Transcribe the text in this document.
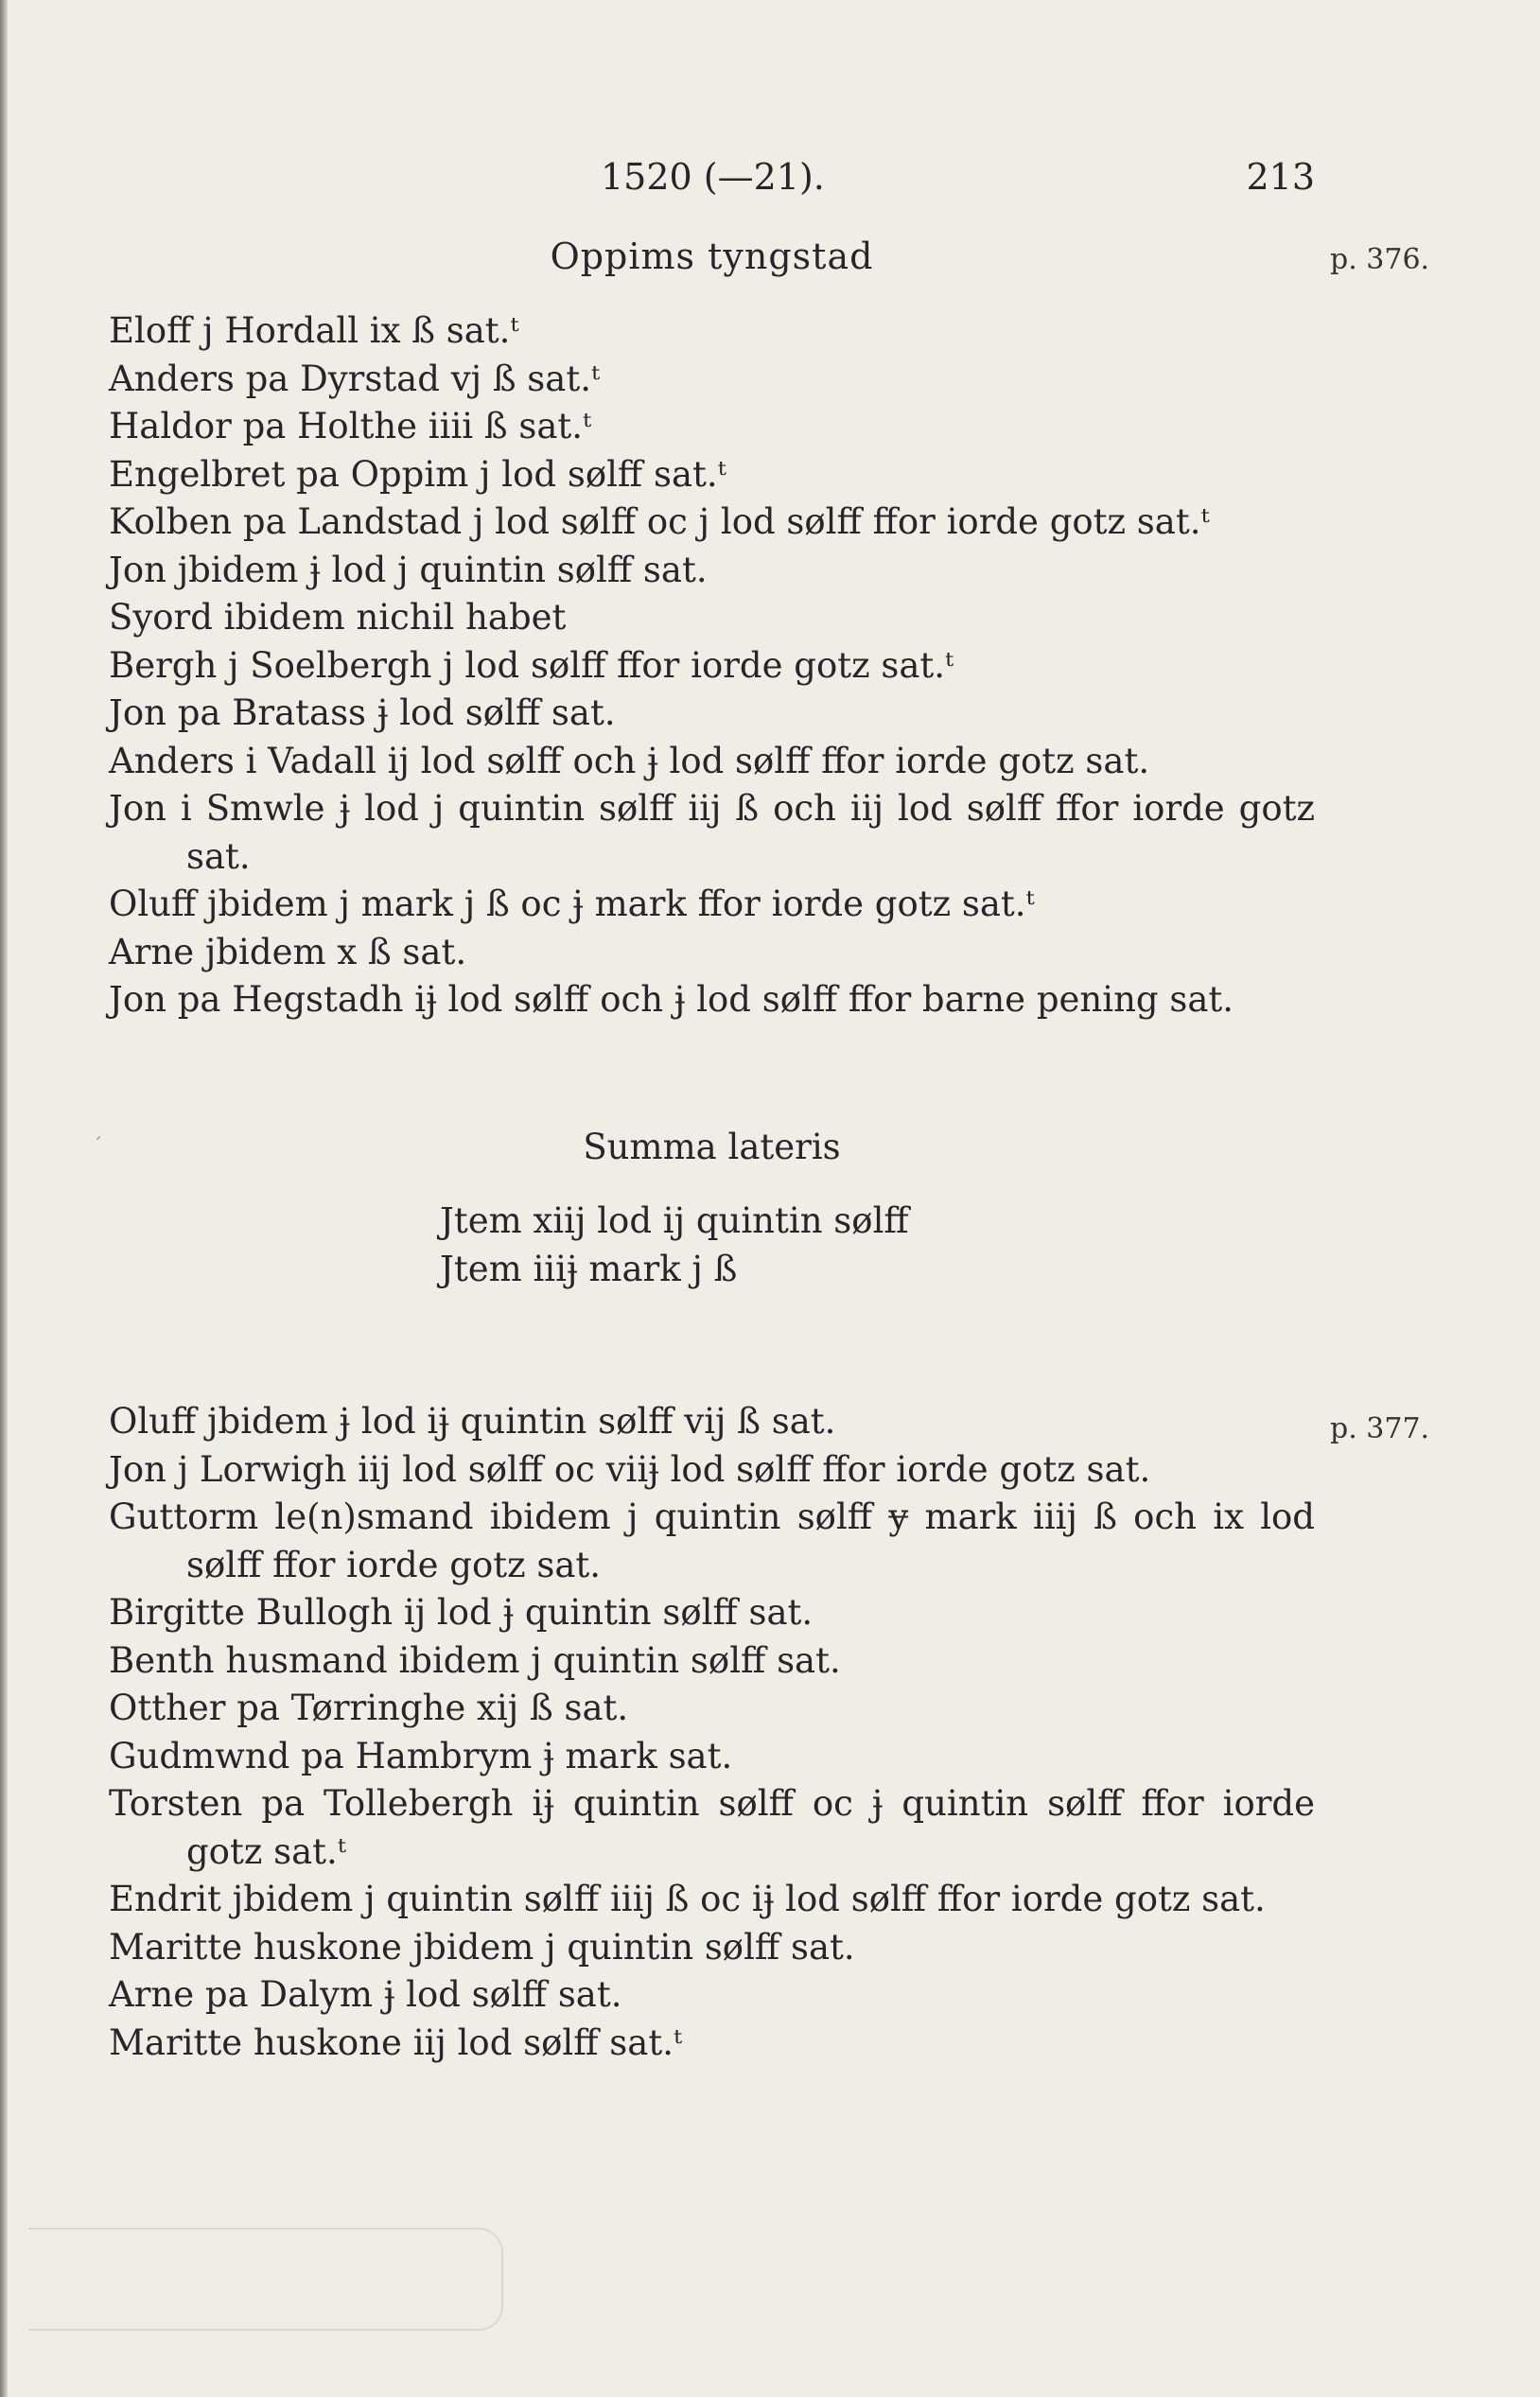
1520 (—21).	213
Oppims tyngstad	p. 376.
Eloff j Hordall ix ß sat.ᵗ
Anders pa Dyrstad vj ß sat.ᵗ
Haldor pa Holthe iiii ß sat.ᵗ
Engelbret pa Oppim j lod sølff sat.ᵗ
Kolben pa Landstad j lod sølff oc j lod sølff ffor iorde gotz sat.ᵗ
Jon jbidem ɉ lod j quintin sølff sat.
Syord ibidem nichil habet
Bergh j Soelbergh j lod sølff ffor iorde gotz sat.ᵗ
Jon pa Bratass ɉ lod sølff sat.
Anders i Vadall ij lod sølff och ɉ lod sølff ffor iorde gotz sat.
Jon i Smwle ɉ lod j quintin sølff iij ß och iij lod sølff ffor iorde gotz sat.
Oluff jbidem j mark j ß oc ɉ mark ffor iorde gotz sat.ᵗ
Arne jbidem x ß sat.
Jon pa Hegstadh iɉ lod sølff och ɉ lod sølff ffor barne pening sat.
ˊ	Summa lateris
Jtem xiij lod ij quintin sølff
Jtem iiiɉ mark j ß
p. 377.
Oluff jbidem ɉ lod iɉ quintin sølff vij ß sat.
Jon j Lorwigh iij lod sølff oc viiɉ lod sølff ffor iorde gotz sat.
Guttorm le(n)smand ibidem j quintin sølff ɏ mark iiij ß och ix lod sølff ffor iorde gotz sat.
Birgitte Bullogh ij lod ɉ quintin sølff sat.
Benth husmand ibidem j quintin sølff sat.
Otther pa Tørringhe xij ß sat.
Gudmwnd pa Hambrym ɉ mark sat.
Torsten pa Tollebergh iɉ quintin sølff oc ɉ quintin sølff ffor iorde gotz sat.ᵗ
Endrit jbidem j quintin sølff iiij ß oc iɉ lod sølff ffor iorde gotz sat.
Maritte huskone jbidem j quintin sølff sat.
Arne pa Dalym ɉ lod sølff sat.
Maritte huskone iij lod sølff sat.ᵗ
